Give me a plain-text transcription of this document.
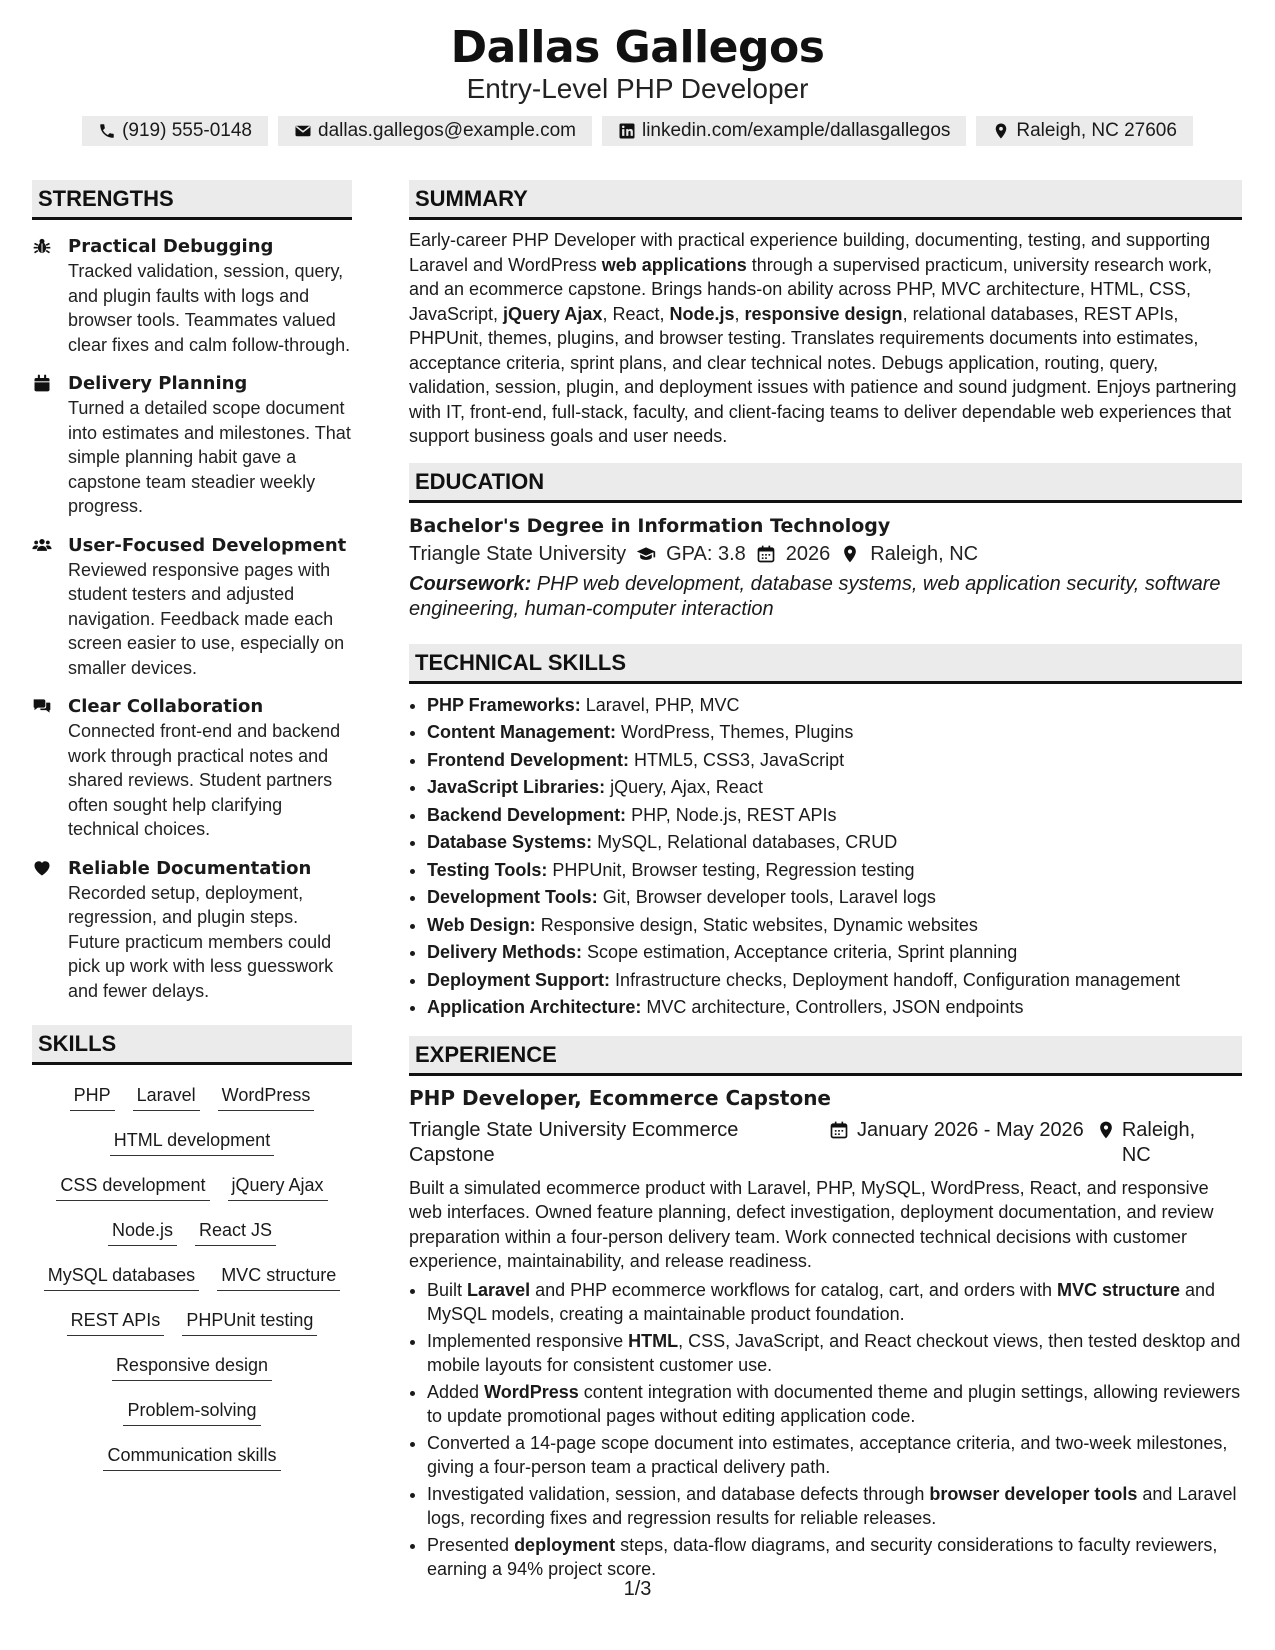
Dallas Gallegos
Entry-Level PHP Developer
(919) 555-0148	dallas.gallegos@example.com	linkedin.com/example/dallasgallegos	Raleigh, NC 27606
STRENGTHS
Practical Debugging
Tracked validation, session, query, and plugin faults with logs and browser tools. Teammates valued clear fixes and calm follow-through.
Delivery Planning
Turned a detailed scope document into estimates and milestones. That simple planning habit gave a capstone team steadier weekly progress.
User-Focused Development
Reviewed responsive pages with student testers and adjusted navigation. Feedback made each screen easier to use, especially on smaller devices.
Clear Collaboration
Connected front-end and backend work through practical notes and shared reviews. Student partners often sought help clarifying technical choices.
Reliable Documentation
Recorded setup, deployment, regression, and plugin steps. Future practicum members could pick up work with less guesswork and fewer delays.
SKILLS
PHP Laravel WordPress
HTML development
CSS development jQuery Ajax
Node.js React JS
MySQL databases MVC structure
REST APIs PHPUnit testing
Responsive design
Problem-solving
Communication skills
SUMMARY
Early-career PHP Developer with practical experience building, documenting, testing, and supporting Laravel and WordPress web applications through a supervised practicum, university research work, and an ecommerce capstone. Brings hands-on ability across PHP, MVC architecture, HTML, CSS, JavaScript, jQuery Ajax, React, Node.js, responsive design, relational databases, REST APIs, PHPUnit, themes, plugins, and browser testing. Translates requirements documents into estimates, acceptance criteria, sprint plans, and clear technical notes. Debugs application, routing, query, validation, session, plugin, and deployment issues with patience and sound judgment. Enjoys partnering with IT, front-end, full-stack, faculty, and client-facing teams to deliver dependable web experiences that support business goals and user needs.
EDUCATION
Bachelor's Degree in Information Technology
Triangle State University GPA: 3.8 2026 Raleigh, NC
Coursework: PHP web development, database systems, web application security, software engineering, human-computer interaction
TECHNICAL SKILLS
• PHP Frameworks: Laravel, PHP, MVC
• Content Management: WordPress, Themes, Plugins
• Frontend Development: HTML5, CSS3, JavaScript
• JavaScript Libraries: jQuery, Ajax, React
• Backend Development: PHP, Node.js, REST APIs
• Database Systems: MySQL, Relational databases, CRUD
• Testing Tools: PHPUnit, Browser testing, Regression testing
• Development Tools: Git, Browser developer tools, Laravel logs
• Web Design: Responsive design, Static websites, Dynamic websites
• Delivery Methods: Scope estimation, Acceptance criteria, Sprint planning
• Deployment Support: Infrastructure checks, Deployment handoff, Configuration management
• Application Architecture: MVC architecture, Controllers, JSON endpoints
EXPERIENCE
PHP Developer, Ecommerce Capstone
Triangle State University Ecommerce Capstone
January 2026 - May 2026 Raleigh, NC
Built a simulated ecommerce product with Laravel, PHP, MySQL, WordPress, React, and responsive web interfaces. Owned feature planning, defect investigation, deployment documentation, and review preparation within a four-person delivery team. Work connected technical decisions with customer experience, maintainability, and release readiness.
• Built Laravel and PHP ecommerce workflows for catalog, cart, and orders with MVC structure and MySQL models, creating a maintainable product foundation.
• Implemented responsive HTML, CSS, JavaScript, and React checkout views, then tested desktop and mobile layouts for consistent customer use.
• Added WordPress content integration with documented theme and plugin settings, allowing reviewers to update promotional pages without editing application code.
• Converted a 14-page scope document into estimates, acceptance criteria, and two-week milestones, giving a four-person team a practical delivery path.
• Investigated validation, session, and database defects through browser developer tools and Laravel logs, recording fixes and regression results for reliable releases.
• Presented deployment steps, data-flow diagrams, and security considerations to faculty reviewers, earning a 94% project score.
1/3
